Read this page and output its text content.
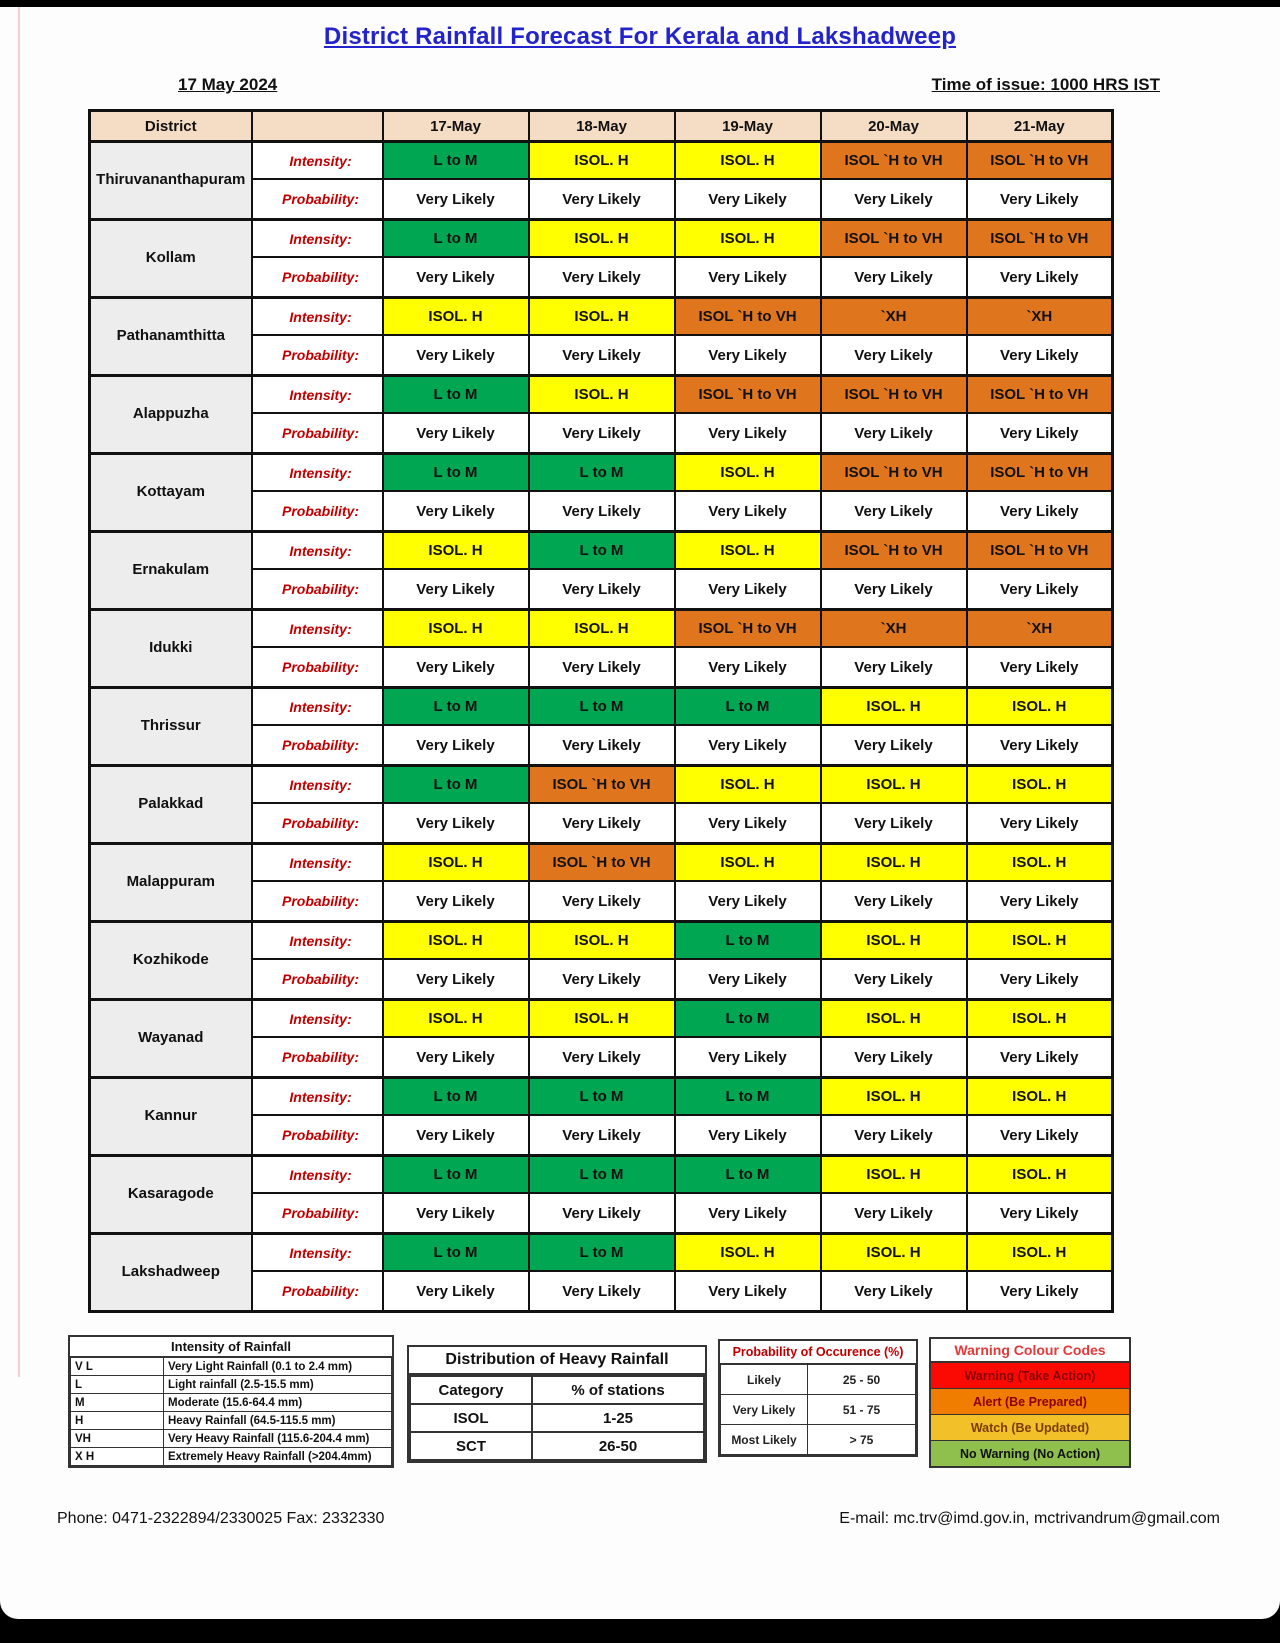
District Rainfall Forecast For Kerala and Lakshadweep
17 May 2024	Time of issue: 1000 HRS IST
District		17-May	18-May	19-May	20-May	21-May
Thiruvananthapuram	Intensity:	L to M	ISOL. H	ISOL. H	ISOL `H to VH	ISOL `H to VH
	Probability:	Very Likely	Very Likely	Very Likely	Very Likely	Very Likely
Kollam	Intensity:	L to M	ISOL. H	ISOL. H	ISOL `H to VH	ISOL `H to VH
	Probability:	Very Likely	Very Likely	Very Likely	Very Likely	Very Likely
Pathanamthitta	Intensity:	ISOL. H	ISOL. H	ISOL `H to VH	`XH	`XH
	Probability:	Very Likely	Very Likely	Very Likely	Very Likely	Very Likely
Alappuzha	Intensity:	L to M	ISOL. H	ISOL `H to VH	ISOL `H to VH	ISOL `H to VH
	Probability:	Very Likely	Very Likely	Very Likely	Very Likely	Very Likely
Kottayam	Intensity:	L to M	L to M	ISOL. H	ISOL `H to VH	ISOL `H to VH
	Probability:	Very Likely	Very Likely	Very Likely	Very Likely	Very Likely
Ernakulam	Intensity:	ISOL. H	L to M	ISOL. H	ISOL `H to VH	ISOL `H to VH
	Probability:	Very Likely	Very Likely	Very Likely	Very Likely	Very Likely
Idukki	Intensity:	ISOL. H	ISOL. H	ISOL `H to VH	`XH	`XH
	Probability:	Very Likely	Very Likely	Very Likely	Very Likely	Very Likely
Thrissur	Intensity:	L to M	L to M	L to M	ISOL. H	ISOL. H
	Probability:	Very Likely	Very Likely	Very Likely	Very Likely	Very Likely
Palakkad	Intensity:	L to M	ISOL `H to VH	ISOL. H	ISOL. H	ISOL. H
	Probability:	Very Likely	Very Likely	Very Likely	Very Likely	Very Likely
Malappuram	Intensity:	ISOL. H	ISOL `H to VH	ISOL. H	ISOL. H	ISOL. H
	Probability:	Very Likely	Very Likely	Very Likely	Very Likely	Very Likely
Kozhikode	Intensity:	ISOL. H	ISOL. H	L to M	ISOL. H	ISOL. H
	Probability:	Very Likely	Very Likely	Very Likely	Very Likely	Very Likely
Wayanad	Intensity:	ISOL. H	ISOL. H	L to M	ISOL. H	ISOL. H
	Probability:	Very Likely	Very Likely	Very Likely	Very Likely	Very Likely
Kannur	Intensity:	L to M	L to M	L to M	ISOL. H	ISOL. H
	Probability:	Very Likely	Very Likely	Very Likely	Very Likely	Very Likely
Kasaragode	Intensity:	L to M	L to M	L to M	ISOL. H	ISOL. H
	Probability:	Very Likely	Very Likely	Very Likely	Very Likely	Very Likely
Lakshadweep	Intensity:	L to M	L to M	ISOL. H	ISOL. H	ISOL. H
	Probability:	Very Likely	Very Likely	Very Likely	Very Likely	Very Likely
Intensity of Rainfall
V L	Very Light Rainfall (0.1 to 2.4 mm)
L	Light rainfall (2.5-15.5 mm)
M	Moderate (15.6-64.4 mm)
H	Heavy Rainfall (64.5-115.5 mm)
VH	Very Heavy Rainfall (115.6-204.4 mm)
X H	Extremely Heavy Rainfall (>204.4mm)
Distribution of Heavy Rainfall
Category	% of stations
ISOL	1-25
SCT	26-50
Probability of Occurence (%)
Likely	25 - 50
Very Likely	51 - 75
Most Likely	> 75
Warning Colour Codes
Warning (Take Action)
Alert (Be Prepared)
Watch (Be Updated)
No Warning (No Action)
Phone: 0471-2322894/2330025 Fax: 2332330	E-mail: mc.trv@imd.gov.in, mctrivandrum@gmail.com
